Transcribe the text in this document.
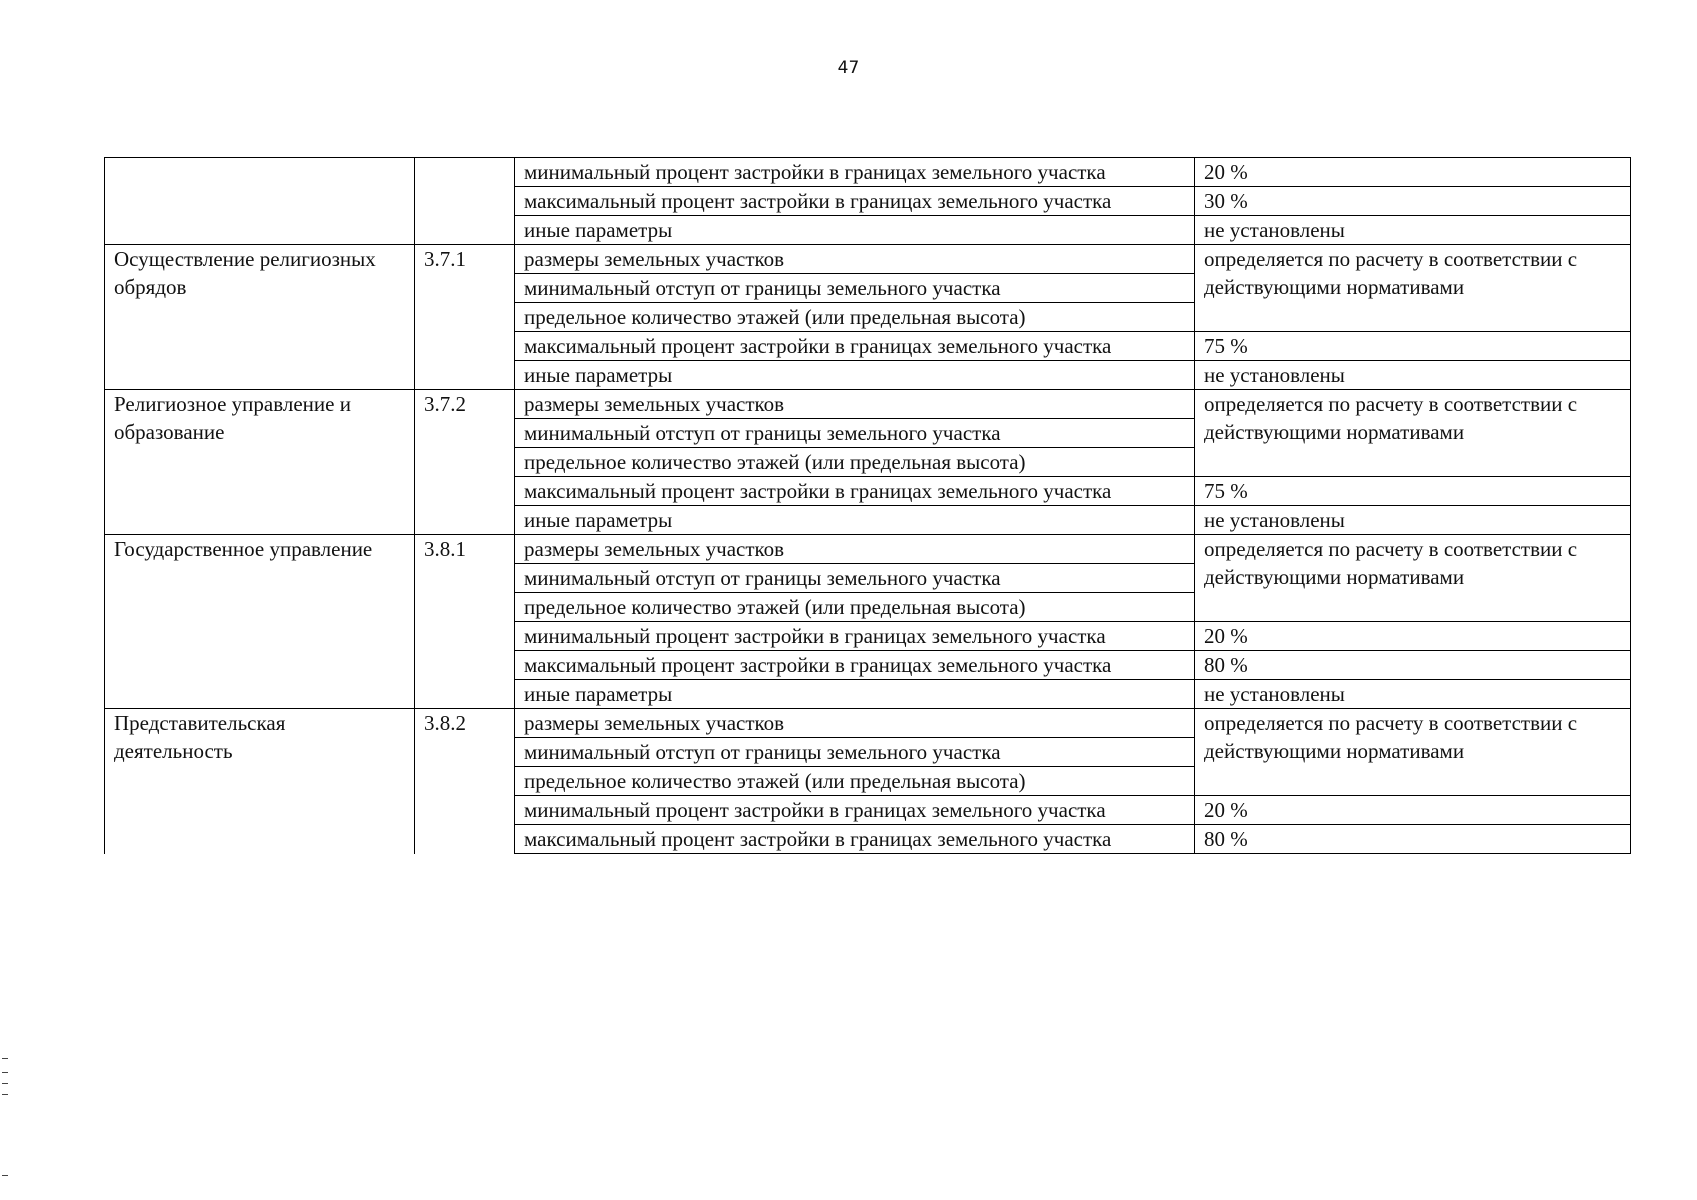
47
		минимальный процент застройки в границах земельного участка	20 %
		максимальный процент застройки в границах земельного участка	30 %
		иные параметры	не установлены
Осуществление религиозных обрядов	3.7.1	размеры земельных участков	определяется по расчету в соответствии с действующими нормативами
		минимальный отступ от границы земельного участка	
		предельное количество этажей (или предельная высота)	
		максимальный процент застройки в границах земельного участка	75 %
		иные параметры	не установлены
Религиозное управление и образование	3.7.2	размеры земельных участков	определяется по расчету в соответствии с действующими нормативами
		минимальный отступ от границы земельного участка	
		предельное количество этажей (или предельная высота)	
		максимальный процент застройки в границах земельного участка	75 %
		иные параметры	не установлены
Государственное управление	3.8.1	размеры земельных участков	определяется по расчету в соответствии с действующими нормативами
		минимальный отступ от границы земельного участка	
		предельное количество этажей (или предельная высота)	
		минимальный процент застройки в границах земельного участка	20 %
		максимальный процент застройки в границах земельного участка	80 %
		иные параметры	не установлены
Представительская деятельность	3.8.2	размеры земельных участков	определяется по расчету в соответствии с действующими нормативами
		минимальный отступ от границы земельного участка	
		предельное количество этажей (или предельная высота)	
		минимальный процент застройки в границах земельного участка	20 %
		максимальный процент застройки в границах земельного участка	80 %
